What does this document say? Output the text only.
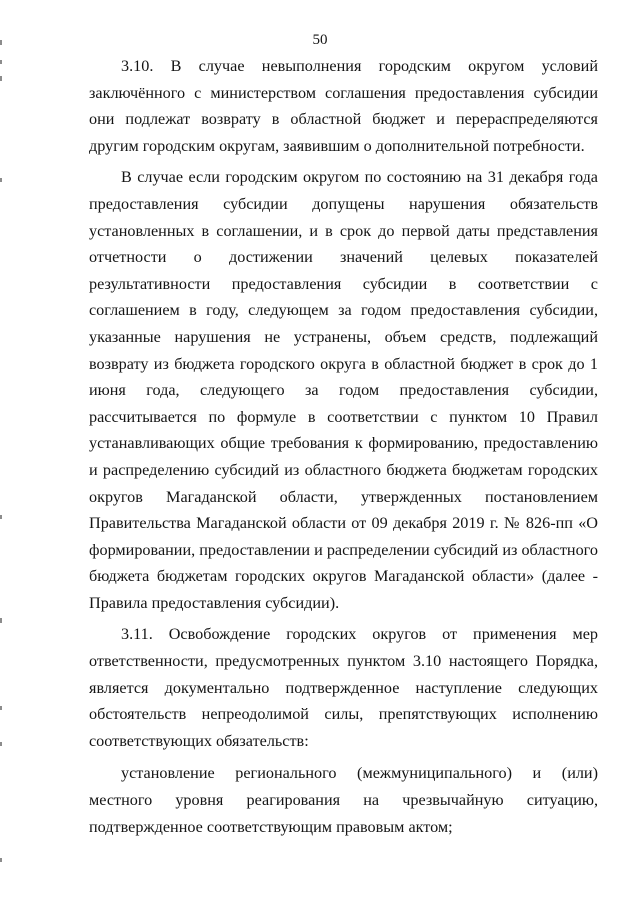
50

3.10. В случае невыполнения городским округом условий заключённого с министерством соглашения предоставления субсидии они подлежат возврату в областной бюджет и перераспределяются другим городским округам, заявившим о дополнительной потребности.

В случае если городским округом по состоянию на 31 декабря года предоставления субсидии допущены нарушения обязательств установленных в соглашении, и в срок до первой даты представления отчетности о достижении значений целевых показателей результативности предоставления субсидии в соответствии с соглашением в году, следующем за годом предоставления субсидии, указанные нарушения не устранены, объем средств, подлежащий возврату из бюджета городского округа в областной бюджет в срок до 1 июня года, следующего за годом предоставления субсидии, рассчитывается по формуле в соответствии с пунктом 10 Правил устанавливающих общие требования к формированию, предоставлению и распределению субсидий из областного бюджета бюджетам городских округов Магаданской области, утвержденных постановлением Правительства Магаданской области от 09 декабря 2019 г. № 826-пп «О формировании, предоставлении и распределении субсидий из областного бюджета бюджетам городских округов Магаданской области» (далее - Правила предоставления субсидии).

3.11. Освобождение городских округов от применения мер ответственности, предусмотренных пунктом 3.10 настоящего Порядка, является документально подтвержденное наступление следующих обстоятельств непреодолимой силы, препятствующих исполнению соответствующих обязательств:

установление регионального (межмуниципального) и (или) местного уровня реагирования на чрезвычайную ситуацию, подтвержденное соответствующим правовым актом;
